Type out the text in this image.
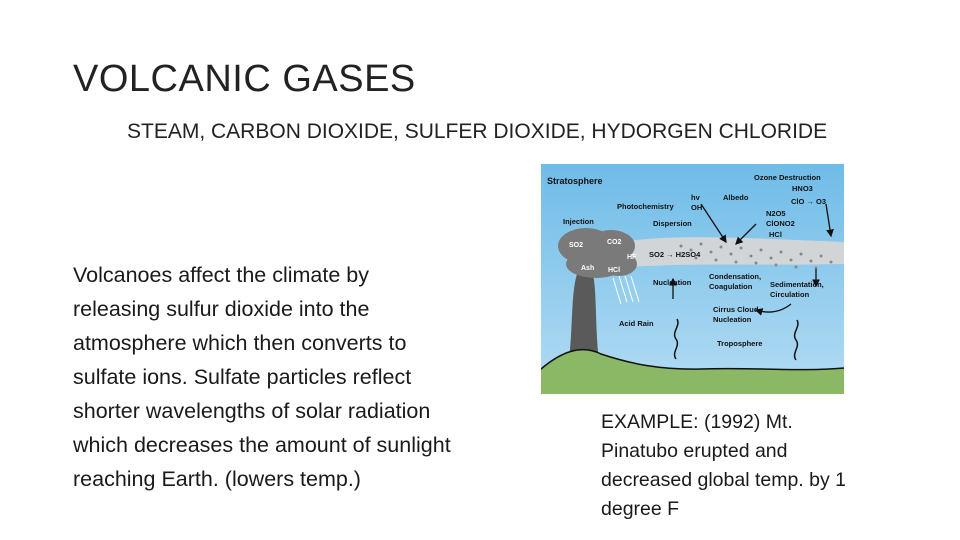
VOLCANIC GASES
STEAM, CARBON DIOXIDE, SULFER DIOXIDE, HYDORGEN CHLORIDE
Volcanoes affect the climate by
releasing sulfur dioxide into the
atmosphere which then converts to
sulfate ions. Sulfate particles reflect
shorter wavelengths of solar radiation
which decreases the amount of sunlight
reaching Earth. (lowers temp.)
EXAMPLE: (1992) Mt.
Pinatubo erupted and
decreased global temp. by 1
degree F
Stratosphere	Ozone Destruction
HNO3
ClO → O3
Albedo
hv
OH
Photochemistry
N2O5
ClONO2
HCl
Injection	Dispersion
SO2	CO2
HF
Ash HCl
SO2 → H2SO4
Nucleation
Condensation,
Coagulation Sedimentation,
Circulation
Cirrus Cloud
Nucleation
Acid Rain
Troposphere
